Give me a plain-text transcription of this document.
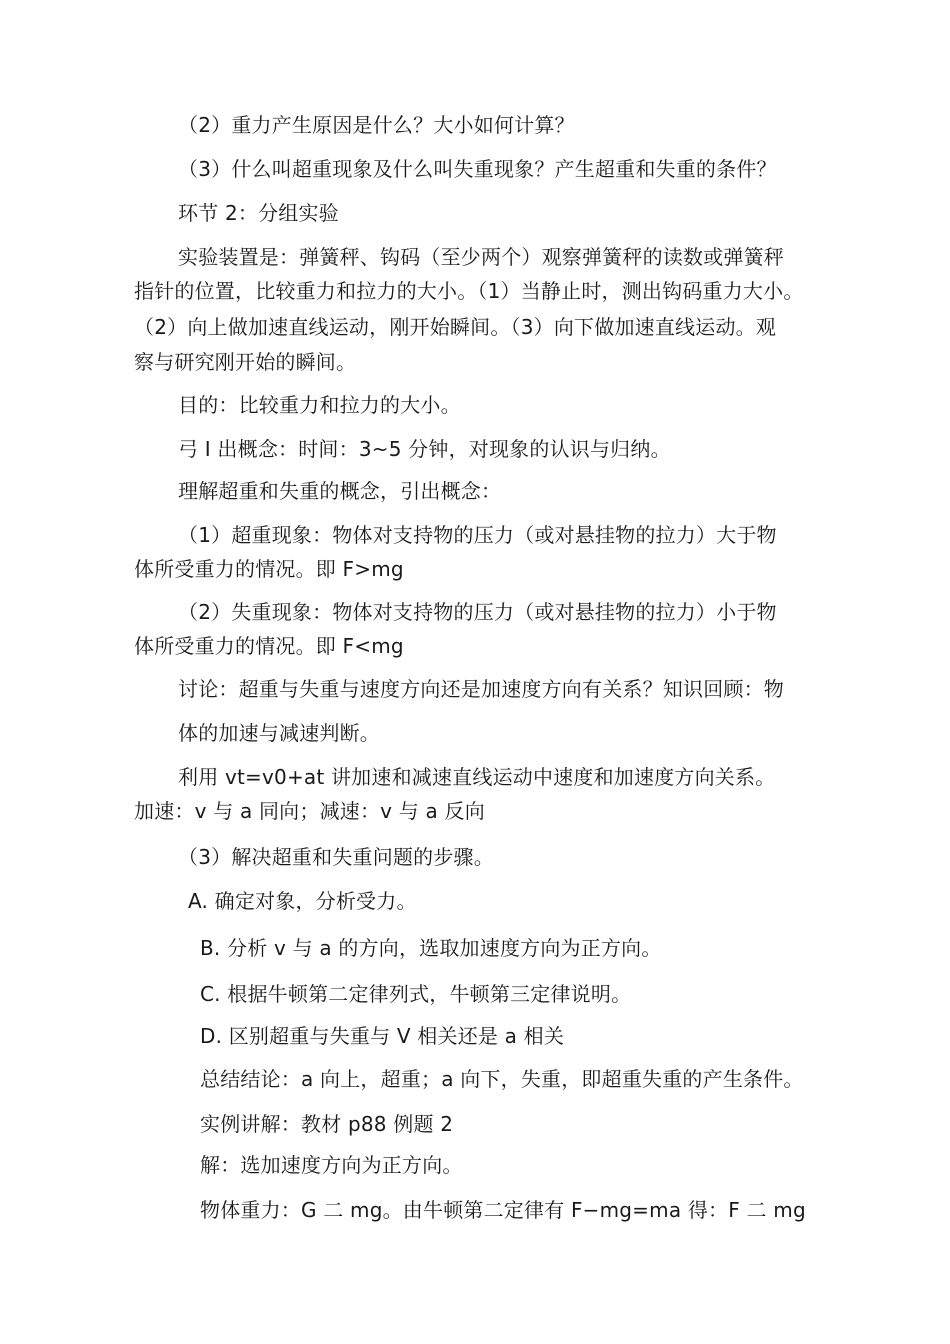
（2）重力产生原因是什么？大小如何计算？

（3）什么叫超重现象及什么叫失重现象？产生超重和失重的条件？

环节 2：分组实验

实验装置是：弹簧秤、钩码（至少两个）观察弹簧秤的读数或弹簧秤

指针的位置，比较重力和拉力的大小。（1）当静止时，测出钩码重力大小。

（2）向上做加速直线运动，刚开始瞬间。（3）向下做加速直线运动。观

察与研究刚开始的瞬间。

目的：比较重力和拉力的大小。

弓 I 出概念：时间：3~5 分钟，对现象的认识与归纳。

理解超重和失重的概念，引出概念：

（1）超重现象：物体对支持物的压力（或对悬挂物的拉力）大于物

体所受重力的情况。即 F>mg

（2）失重现象：物体对支持物的压力（或对悬挂物的拉力）小于物

体所受重力的情况。即 F<mg

讨论：超重与失重与速度方向还是加速度方向有关系？知识回顾：物

体的加速与减速判断。

利用 vt=v0+at 讲加速和减速直线运动中速度和加速度方向关系。

加速：v 与 a 同向；减速：v 与 a 反向

（3）解决超重和失重问题的步骤。

A. 确定对象，分析受力。

B. 分析 v 与 a 的方向，选取加速度方向为正方向。

C. 根据牛顿第二定律列式，牛顿第三定律说明。

D. 区别超重与失重与 V 相关还是 a 相关

总结结论：a 向上，超重；a 向下，失重，即超重失重的产生条件。

实例讲解：教材 p88 例题 2

解：选加速度方向为正方向。

物体重力：G 二 mg。由牛顿第二定律有 F−mg=ma 得：F 二 mg
